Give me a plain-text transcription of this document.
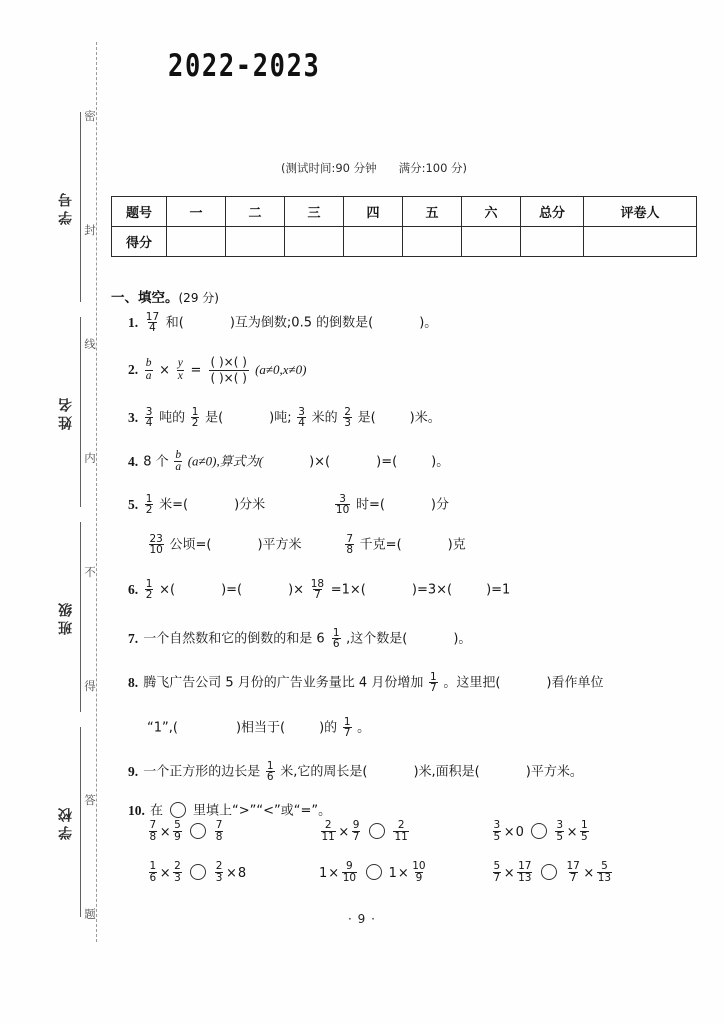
密
封
线
内
不
得
答
题
学号
姓名
班级
学校
2022-2023
(测试时间:90 分钟      满分:100 分)
题号	一	二	三	四	五	六	总分	评卷人
得分								
一、填空。(29 分)
1. $\frac{17}{4}$ 和(	)互为倒数;0.5 的倒数是(	)。
2. $\frac{b}{a} \times \frac{y}{x}$ =
( )×( )
( )×( )
(a≠0,x≠0)
3. $\frac{3}{4}$ 吨的 $\frac{1}{2}$ 是(	)吨; $\frac{3}{4}$ 米的 $\frac{2}{3}$ 是(	)米。
4. 8 个 $\frac{b}{a} (a\ne 0)$,算式为(	)×(	)=(	)。
5. $\frac{1}{2}$ 米=(	)分米	$\frac{3}{10}$ 时=(	)分
$\frac{23}{10}$ 公顷=(	)平方米	$\frac{7}{8}$ 千克=(	)克
6. $\frac{1}{2}$ ×(	)=(	)× $\frac{18}{7} =1\times$(	)=3×(	)=1
7. 一个自然数和它的倒数的和是 $6 \frac{1}{6}$ ,这个数是(	)。
8. 腾飞广告公司 5 月份的广告业务量比 4 月份增加 $\frac{1}{7}$ 。这里把(	)看作单位
“1”,(	)相当于(	)的 $\frac{1}{7}$ 。
9. 一个正方形的边长是 $\frac{1}{6}$ 米,它的周长是(	)米,面积是(	)平方米。
10. 在 里填上“>”“<”或“=”。
$\frac{7}{8} \times \frac{5}{9}$	$\frac{7}{8}$	$\frac{2}{11} \times \frac{9}{7}$	$\frac{2}{11}$	$\frac{3}{5} \times 0$	$\frac{3}{5} \times \frac{1}{5}$
$\frac{1}{6} \times \frac{2}{3}$	$\frac{2}{3} \times 8$	$1 \times \frac{9}{10} 1 \times \frac{10}{9}$	$\frac{5}{7} \times \frac{17}{13}$	$\frac{17}{7} \times \frac{5}{13}$
· 9 ·
